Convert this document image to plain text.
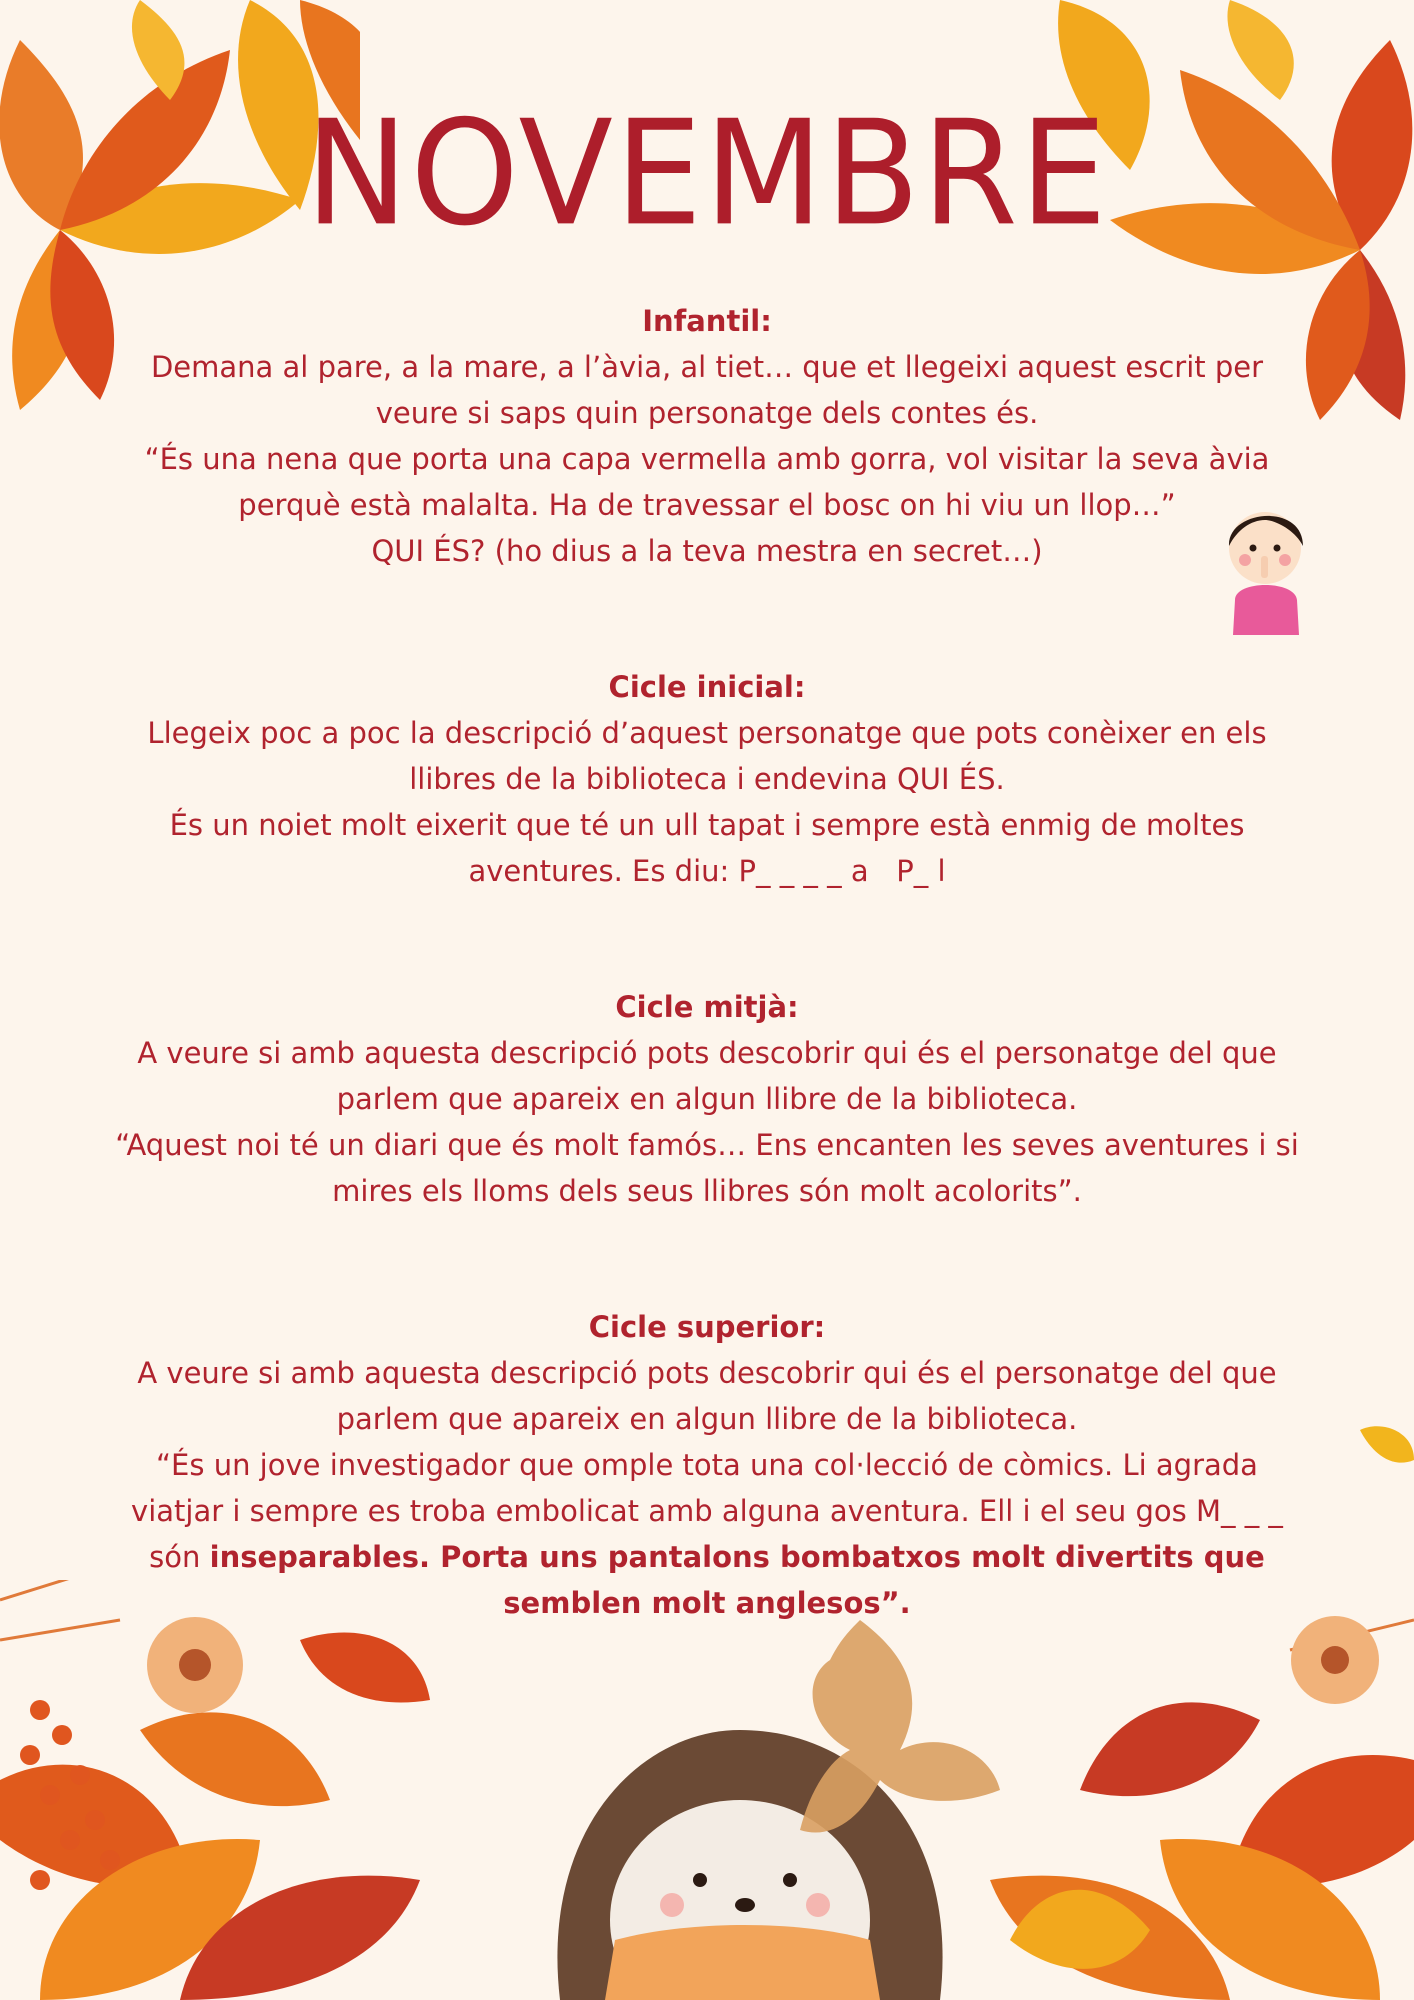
NOVEMBRE

Infantil:

Demana al pare, a la mare, a l’àvia, al tiet… que et llegeixi aquest escrit per

veure si saps quin personatge dels contes és.

“És una nena que porta una capa vermella amb gorra, vol visitar la seva àvia

perquè està malalta. Ha de travessar el bosc on hi viu un llop…”

QUI ÉS? (ho dius a la teva mestra en secret…)

Cicle inicial:

Llegeix poc a poc la descripció d’aquest personatge que pots conèixer en els

llibres de la biblioteca i endevina QUI ÉS.

És un noiet molt eixerit que té un ull tapat i sempre està enmig de moltes

aventures. Es diu: P_ _ _ _ a   P_ l

Cicle mitjà:

A veure si amb aquesta descripció pots descobrir qui és el personatge del que

parlem que apareix en algun llibre de la biblioteca.

“Aquest noi té un diari que és molt famós… Ens encanten les seves aventures i si

mires els lloms dels seus llibres són molt acolorits”.

Cicle superior:

A veure si amb aquesta descripció pots descobrir qui és el personatge del que

parlem que apareix en algun llibre de la biblioteca.

“És un jove investigador que omple tota una col·lecció de còmics. Li agrada

viatjar i sempre es troba embolicat amb alguna aventura. Ell i el seu gos M_ _ _

són inseparables. Porta uns pantalons bombatxos molt divertits que

semblen molt anglesos”.
